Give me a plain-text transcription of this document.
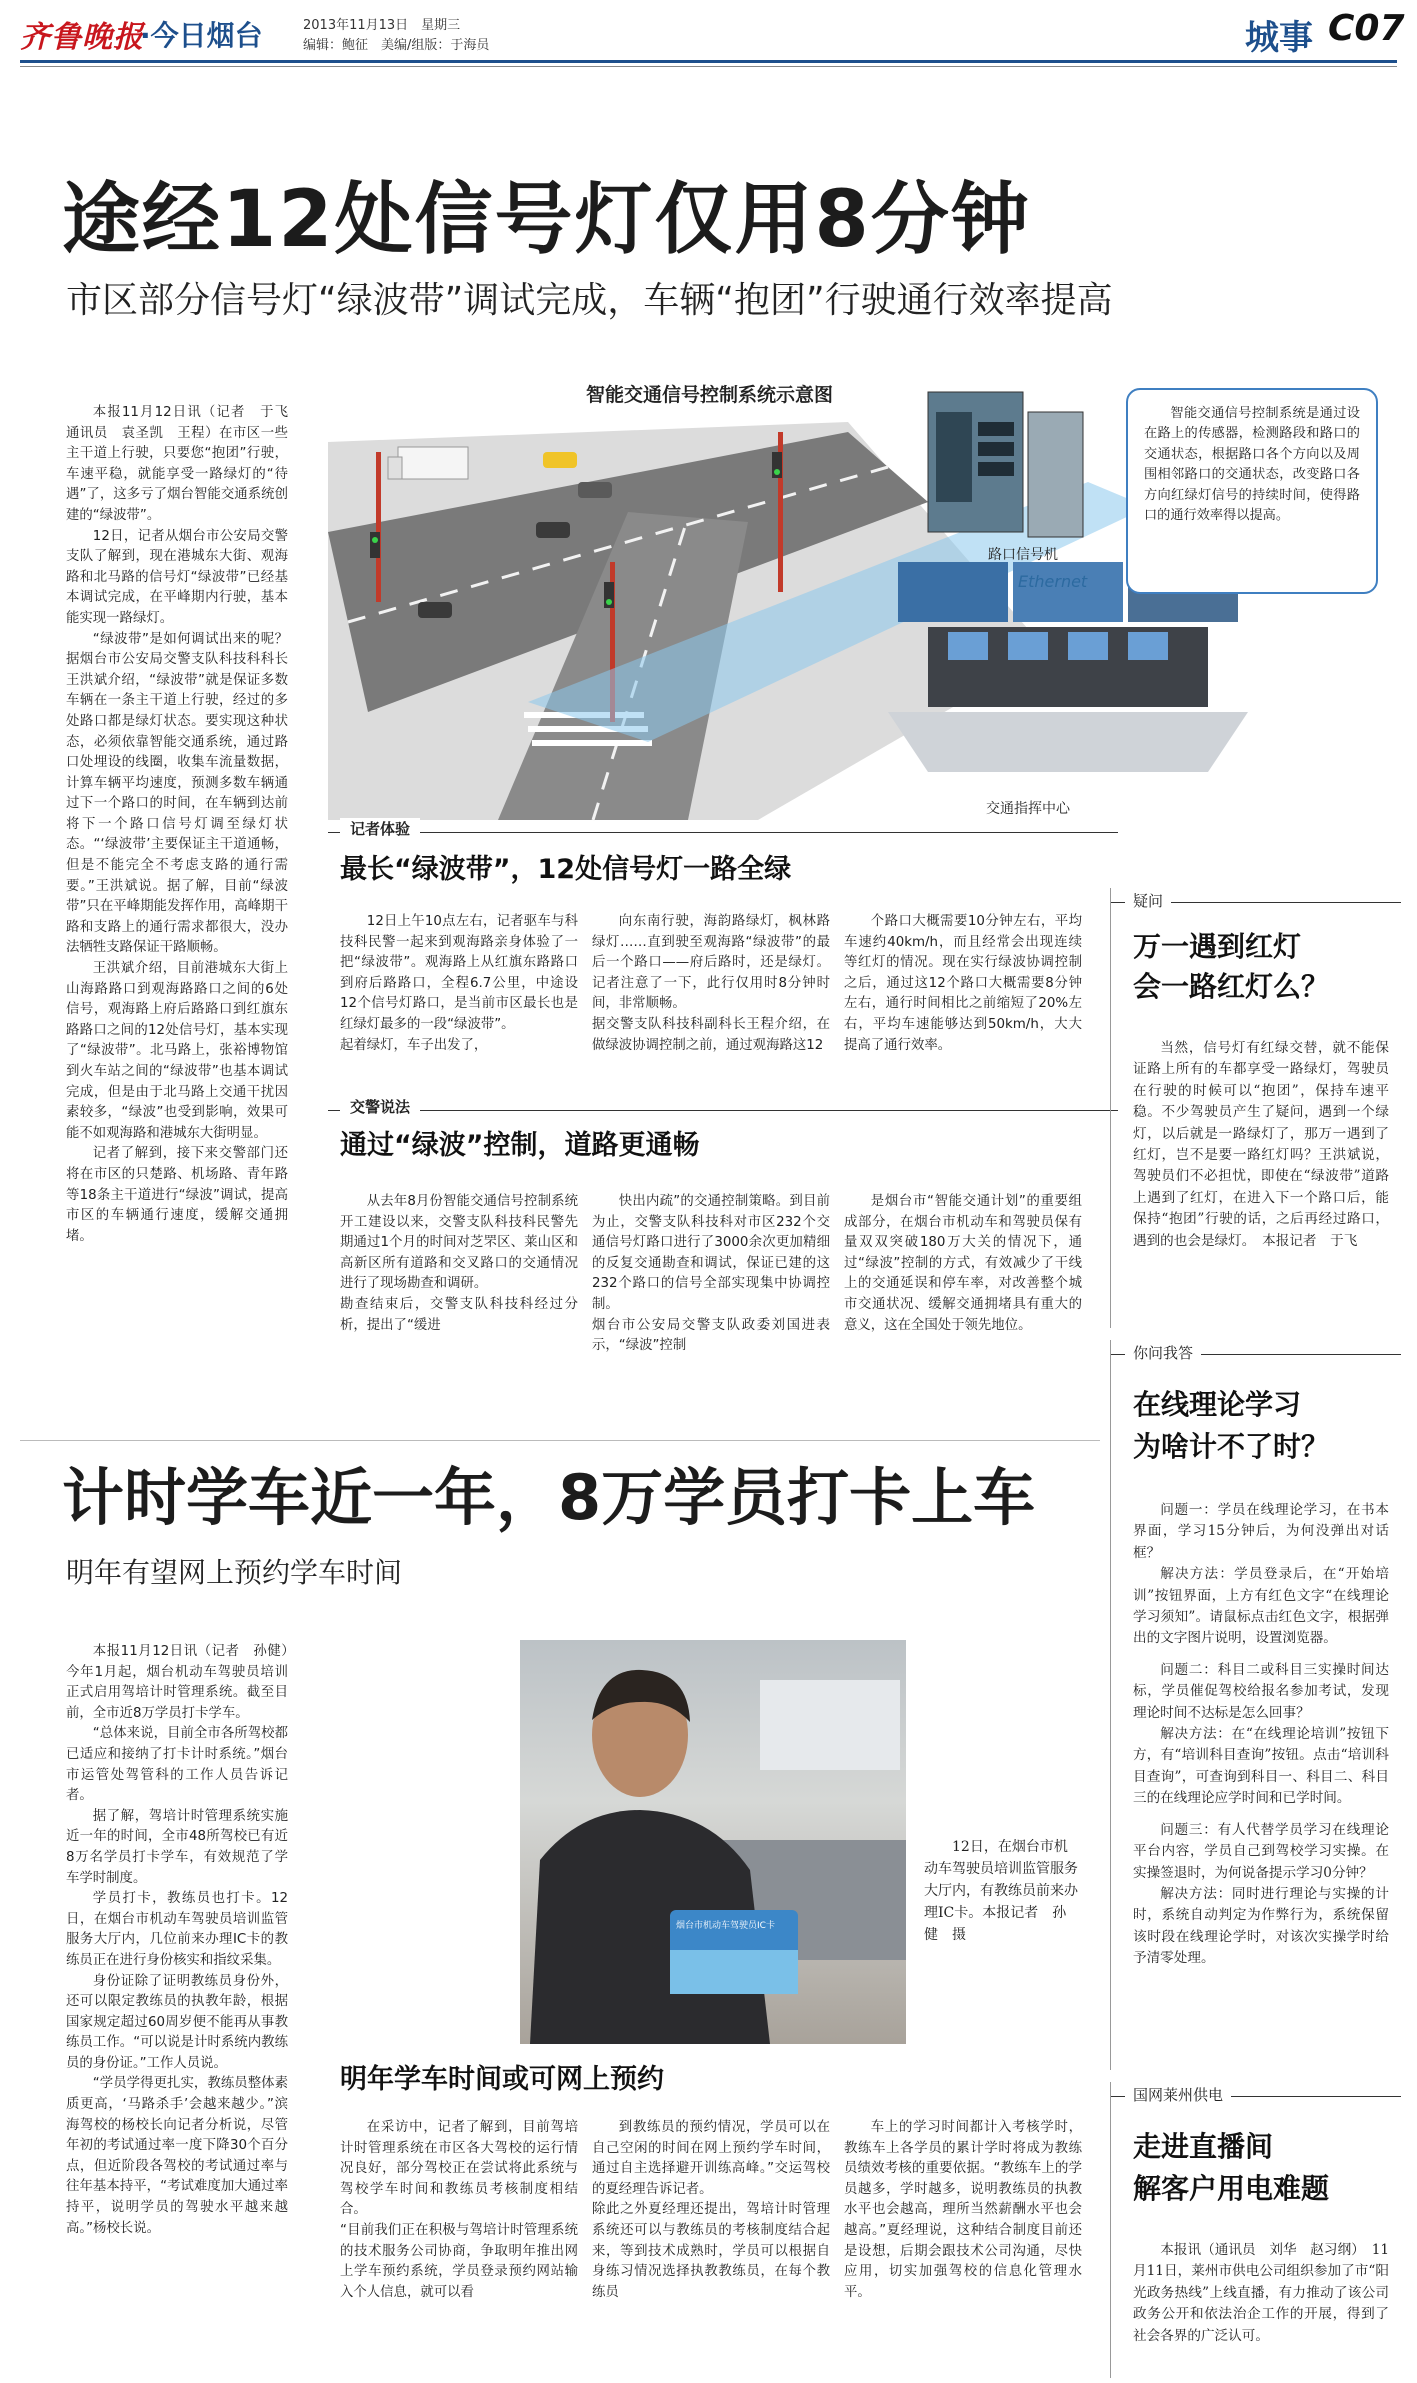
齐鲁晚报
·今日烟台	2013年11月13日　星期三
编辑：鲍征　美编/组版：于海员	城事 C07
途经12处信号灯仅用8分钟
市区部分信号灯“绿波带”调试完成，车辆“抱团”行驶通行效率提高

本报11月12日讯（记者　于飞　通讯员　袁圣凯　王程）在市区一些主干道上行驶，只要您“抱团”行驶，车速平稳，就能享受一路绿灯的“待遇”了，这多亏了烟台智能交通系统创建的“绿波带”。

12日，记者从烟台市公安局交警支队了解到，现在港城东大街、观海路和北马路的信号灯“绿波带”已经基本调试完成，在平峰期内行驶，基本能实现一路绿灯。

“绿波带”是如何调试出来的呢？据烟台市公安局交警支队科技科科长王洪斌介绍，“绿波带”就是保证多数车辆在一条主干道上行驶，经过的多处路口都是绿灯状态。要实现这种状态，必须依靠智能交通系统，通过路口处埋设的线圈，收集车流量数据，计算车辆平均速度，预测多数车辆通过下一个路口的时间，在车辆到达前将下一个路口信号灯调至绿灯状态。“‘绿波带’主要保证主干道通畅，但是不能完全不考虑支路的通行需要。”王洪斌说。据了解，目前“绿波带”只在平峰期能发挥作用，高峰期干路和支路上的通行需求都很大，没办法牺牲支路保证干路顺畅。

王洪斌介绍，目前港城东大街上山海路路口到观海路路口之间的6处信号，观海路上府后路路口到红旗东路路口之间的12处信号灯，基本实现了“绿波带”。北马路上，张裕博物馆到火车站之间的“绿波带”也基本调试完成，但是由于北马路上交通干扰因素较多，“绿波”也受到影响，效果可能不如观海路和港城东大街明显。

记者了解到，接下来交警部门还将在市区的只楚路、机场路、青年路等18条主干道进行“绿波”调试，提高市区的车辆通行速度，缓解交通拥堵。

智能交通信号控制系统示意图
路口信号机
Ethernet
交通指挥中心
智能交通信号控制系统是通过设在路上的传感器，检测路段和路口的交通状态，根据路口各个方向以及周围相邻路口的交通状态，改变路口各方向红绿灯信号的持续时间，使得路口的通行效率得以提高。
记者体验
最长“绿波带”，12处信号灯一路全绿
12日上午10点左右，记者驱车与科技科民警一起来到观海路亲身体验了一把“绿波带”。观海路上从红旗东路路口到府后路路口，全程6.7公里，中途设12个信号灯路口，是当前市区最长也是红绿灯最多的一段“绿波带”。
起着绿灯，车子出发了，
向东南行驶，海韵路绿灯，枫林路绿灯……直到驶至观海路“绿波带”的最后一个路口——府后路时，还是绿灯。记者注意了一下，此行仅用时8分钟时间，非常顺畅。
据交警支队科技科副科长王程介绍，在做绿波协调控制之前，通过观海路这12
个路口大概需要10分钟左右，平均车速约40km/h，而且经常会出现连续等红灯的情况。现在实行绿波协调控制之后，通过这12个路口大概需要8分钟左右，通行时间相比之前缩短了20%左右，平均车速能够达到50km/h，大大提高了通行效率。
交警说法
通过“绿波”控制，道路更通畅
从去年8月份智能交通信号控制系统开工建设以来，交警支队科技科民警先期通过1个月的时间对芝罘区、莱山区和高新区所有道路和交叉路口的交通情况进行了现场勘查和调研。
勘查结束后，交警支队科技科经过分析，提出了“缓进
快出内疏”的交通控制策略。到目前为止，交警支队科技科对市区232个交通信号灯路口进行了3000余次更加精细的反复交通勘查和调试，保证已建的这232个路口的信号全部实现集中协调控制。
烟台市公安局交警支队政委刘国进表示，“绿波”控制
是烟台市“智能交通计划”的重要组成部分，在烟台市机动车和驾驶员保有量双双突破180万大关的情况下，通过“绿波”控制的方式，有效减少了干线上的交通延误和停车率，对改善整个城市交通状况、缓解交通拥堵具有重大的意义，这在全国处于领先地位。
疑问
万一遇到红灯
会一路红灯么？
当然，信号灯有红绿交替，就不能保证路上所有的车都享受一路绿灯，驾驶员在行驶的时候可以“抱团”，保持车速平稳。不少驾驶员产生了疑问，遇到一个绿灯，以后就是一路绿灯了，那万一遇到了红灯，岂不是要一路红灯吗？王洪斌说，驾驶员们不必担忧，即使在“绿波带”道路上遇到了红灯，在进入下一个路口后，能保持“抱团”行驶的话，之后再经过路口，遇到的也会是绿灯。　本报记者　于飞
你问我答
在线理论学习
为啥计不了时？

问题一：学员在线理论学习，在书本界面，学习15分钟后，为何没弹出对话框？

解决方法：学员登录后，在“开始培训”按钮界面，上方有红色文字“在线理论学习须知”。请鼠标点击红色文字，根据弹出的文字图片说明，设置浏览器。

问题二：科目二或科目三实操时间达标，学员催促驾校给报名参加考试，发现理论时间不达标是怎么回事？

解决方法：在“在线理论培训”按钮下方，有“培训科目查询”按钮。点击“培训科目查询”，可查询到科目一、科目二、科目三的在线理论应学时间和已学时间。

问题三：有人代替学员学习在线理论平台内容，学员自己到驾校学习实操。在实操签退时，为何说备提示学习0分钟？

解决方法：同时进行理论与实操的计时，系统自动判定为作弊行为，系统保留该时段在线理论学时，对该次实操学时给予清零处理。

计时学车近一年，8万学员打卡上车
明年有望网上预约学车时间

本报11月12日讯（记者　孙健）　今年1月起，烟台机动车驾驶员培训正式启用驾培计时管理系统。截至目前，全市近8万学员打卡学车。

“总体来说，目前全市各所驾校都已适应和接纳了打卡计时系统。”烟台市运管处驾管科的工作人员告诉记者。

据了解，驾培计时管理系统实施近一年的时间，全市48所驾校已有近8万名学员打卡学车，有效规范了学车学时制度。

学员打卡，教练员也打卡。12日，在烟台市机动车驾驶员培训监管服务大厅内，几位前来办理IC卡的教练员正在进行身份核实和指纹采集。

身份证除了证明教练员身份外，还可以限定教练员的执教年龄，根据国家规定超过60周岁便不能再从事教练员工作。“可以说是计时系统内教练员的身份证。”工作人员说。

“学员学得更扎实，教练员整体素质更高，‘马路杀手’会越来越少。”滨海驾校的杨校长向记者分析说，尽管年初的考试通过率一度下降30个百分点，但近阶段各驾校的考试通过率与往年基本持平，“考试难度加大通过率持平，说明学员的驾驶水平越来越高。”杨校长说。

烟台市机动车驾驶员IC卡
12日，在烟台市机动车驾驶员培训监管服务大厅内，有教练员前来办理IC卡。本报记者　孙健　摄
明年学车时间或可网上预约
在采访中，记者了解到，目前驾培计时管理系统在市区各大驾校的运行情况良好，部分驾校正在尝试将此系统与驾校学车时间和教练员考核制度相结合。
“目前我们正在积极与驾培计时管理系统的技术服务公司协商，争取明年推出网上学车预约系统，学员登录预约网站输入个人信息，就可以看
到教练员的预约情况，学员可以在自己空闲的时间在网上预约学车时间，通过自主选择避开训练高峰。”交运驾校的夏经理告诉记者。
除此之外夏经理还提出，驾培计时管理系统还可以与教练员的考核制度结合起来，等到技术成熟时，学员可以根据自身练习情况选择执教教练员，在每个教练员
车上的学习时间都计入考核学时，教练车上各学员的累计学时将成为教练员绩效考核的重要依据。“教练车上的学员越多，学时越多，说明教练员的执教水平也会越高，理所当然薪酬水平也会越高。”夏经理说，这种结合制度目前还是设想，后期会跟技术公司沟通，尽快应用，切实加强驾校的信息化管理水平。
国网莱州供电
走进直播间
解客户用电难题
本报讯（通讯员　刘华　赵习纲）　11月11日，莱州市供电公司组织参加了市“阳光政务热线”上线直播，有力推动了该公司政务公开和依法治企工作的开展，得到了社会各界的广泛认可。
